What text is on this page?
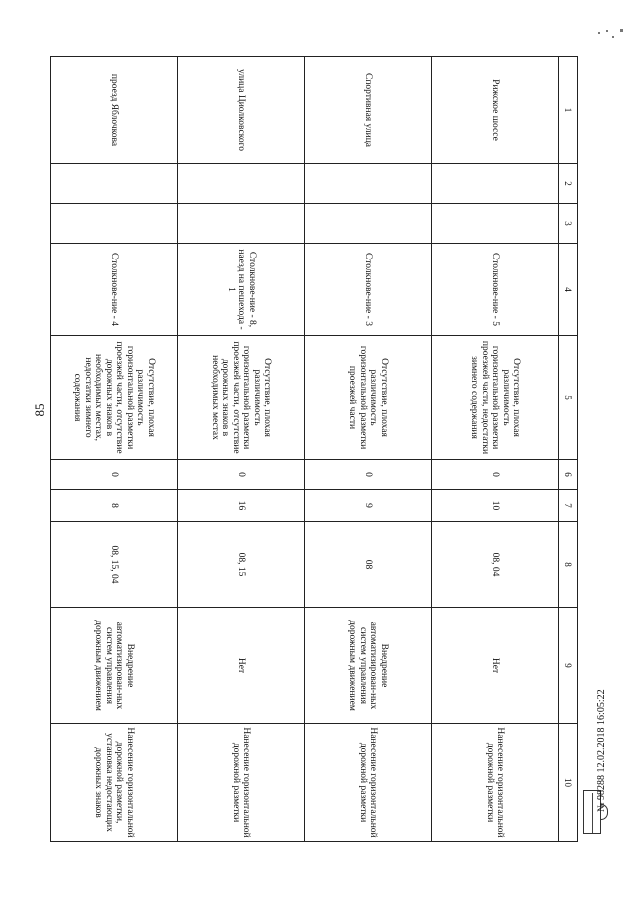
85
1	2	3	4	5	6	7	8	9	10
Рижское шоссе			Столкнове-ние - 5	Отсутствие, плохая различимость горизонтальной разметки проезжей части, недостатки зимнего содержания	0	10	08, 04	Нет	Нанесение горизонтальной дорожной разметки
Спортивная улица			Столкнове-ние - 3	Отсутствие, плохая различимость горизонтальной разметки проезжей части	0	9	08	Внедрение автоматизирован-ных систем управления дорожным движением	Нанесение горизонтальной дорожной разметки
улица Циолковского			Столкнове-ние - 8, наезд на пешехода - 1	Отсутствие, плохая различимость горизонтальной разметки проезжей части, отсутствие дорожных знаков в необходимых местах	0	16	08, 15	Нет	Нанесение горизонтальной дорожной разметки
проезд Яблочкова			Столкнове-ние - 4	Отсутствие, плохая различимость горизонтальной разметки проезжей части, отсутствие дорожных знаков в необходимых местах, недостатки зимнего содержания	0	8	08, 15, 04	Внедрение автоматизирован-ных систем управления дорожным движением	Нанесение горизонтальной дорожной разметки, установка недостающих дорожных знаков	№ 98288 12.02.2018 16:05:22
